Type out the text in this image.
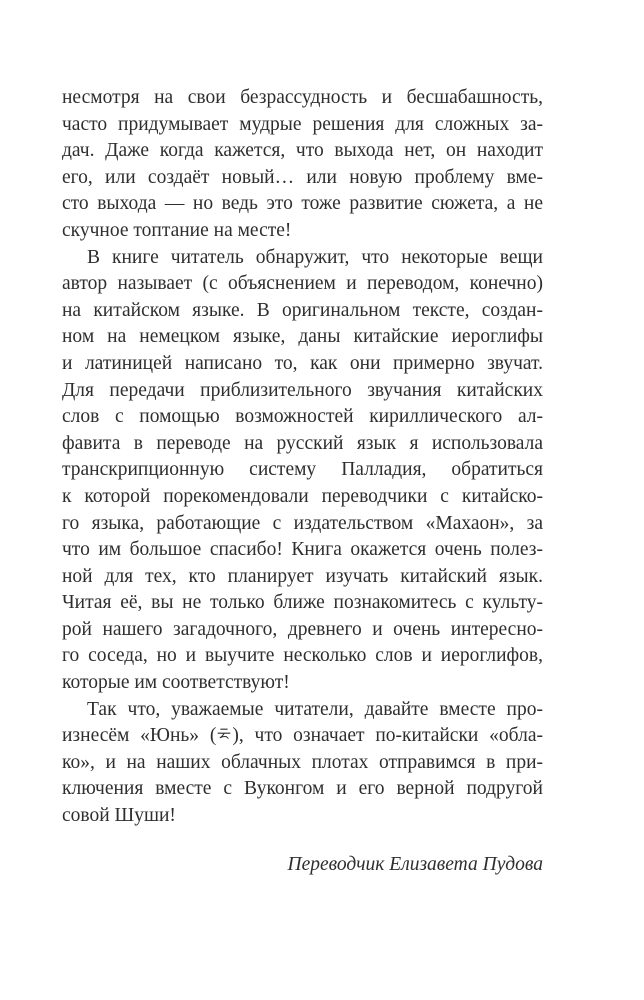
несмотря на свои безрассудность и бесшабашность,
часто придумывает мудрые решения для сложных за-
дач. Даже когда кажется, что выхода нет, он находит
его, или создаёт новый… или новую проблему вме-
сто выхода — но ведь это тоже развитие сюжета, а не
скучное топтание на месте!
В книге читатель обнаружит, что некоторые вещи
автор называет (с объяснением и переводом, конечно)
на китайском языке. В оригинальном тексте, создан-
ном на немецком языке, даны китайские иероглифы
и латиницей написано то, как они примерно звучат.
Для передачи приблизительного звучания китайских
слов с помощью возможностей кириллического ал-
фавита в переводе на русский язык я использовала
транскрипционную систему Палладия, обратиться
к которой порекомендовали переводчики с китайско-
го языка, работающие с издательством «Махаон», за
что им большое спасибо! Книга окажется очень полез-
ной для тех, кто планирует изучать китайский язык.
Читая её, вы не только ближе познакомитесь с культу-
рой нашего загадочного, древнего и очень интересно-
го соседа, но и выучите несколько слов и иероглифов,
которые им соответствуют!
Так что, уважаемые читатели, давайте вместе про-
изнесём «Юнь» ( ), что означает по-китайски «обла-
ко», и на наших облачных плотах отправимся в при-
ключения вместе с Вуконгом и его верной подругой
совой Шуши!
Переводчик Елизавета Пудова
